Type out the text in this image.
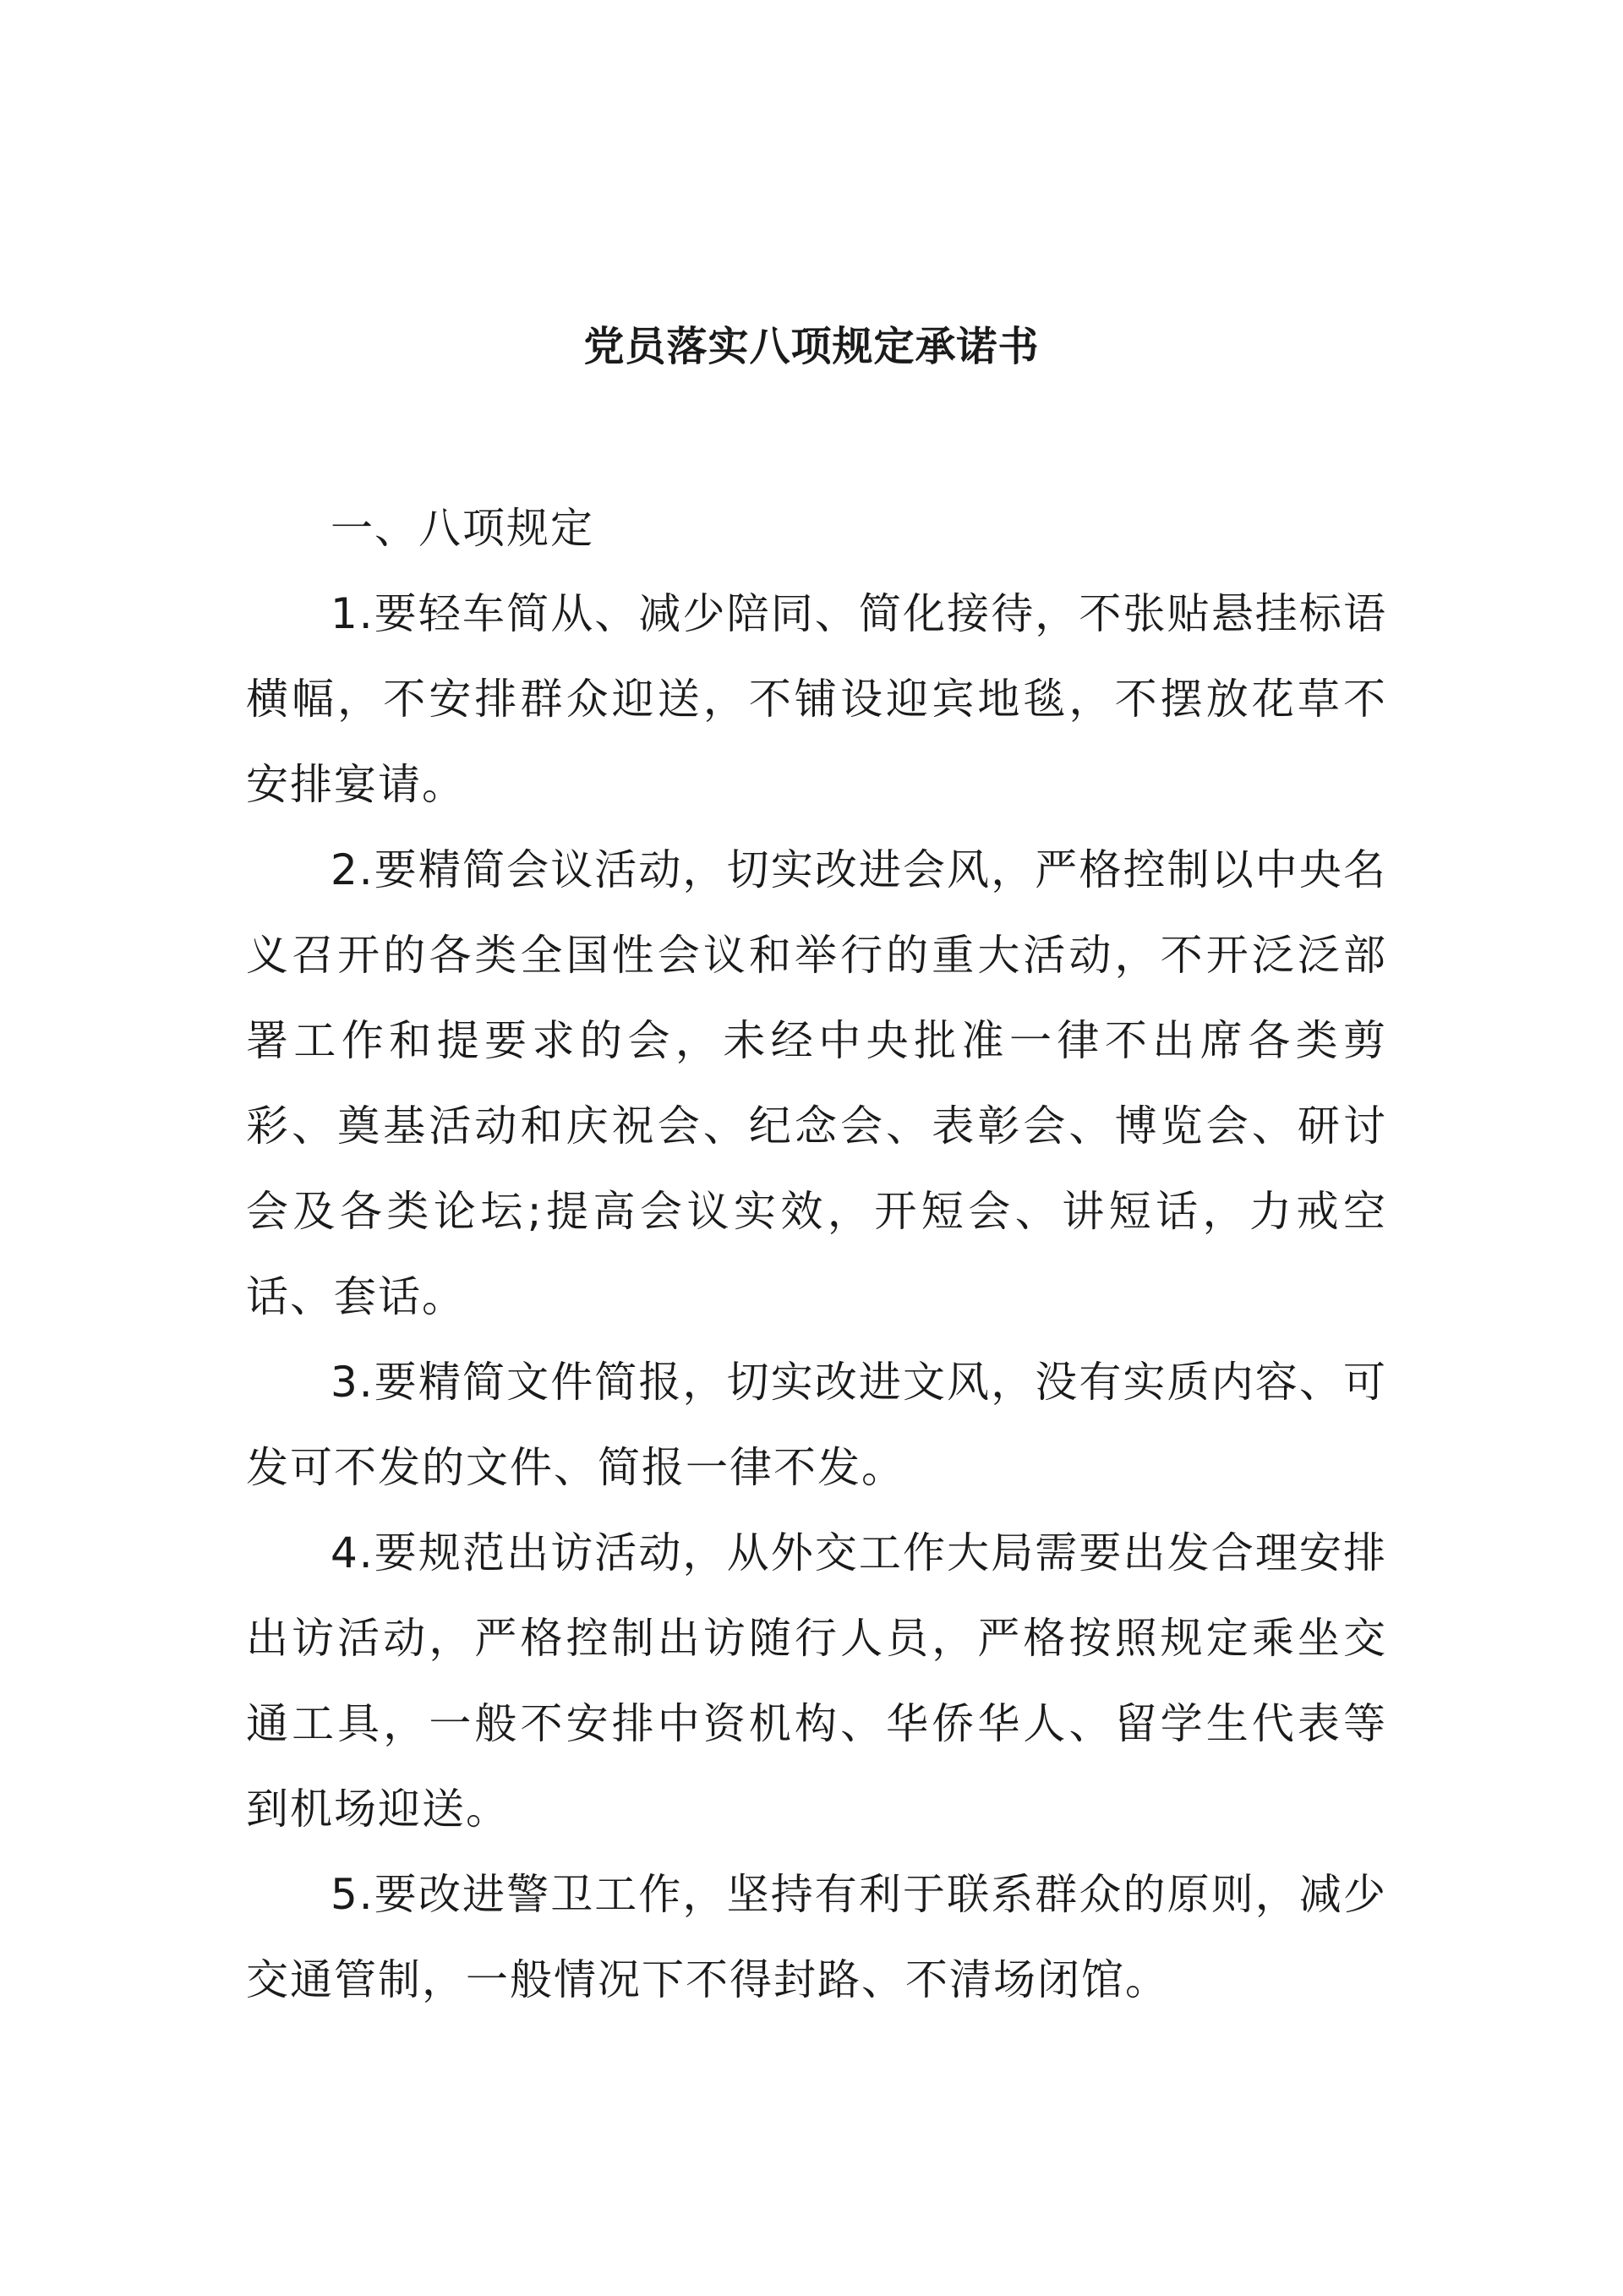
党员落实八项规定承诺书

一、八项规定

1.要轻车简从、减少陪同、简化接待，不张贴悬挂标语横幅，不安排群众迎送，不铺设迎宾地毯，不摆放花草不安排宴请。

2.要精简会议活动，切实改进会风，严格控制以中央名义召开的各类全国性会议和举行的重大活动，不开泛泛部署工作和提要求的会，未经中央批准一律不出席各类剪彩、奠基活动和庆祝会、纪念会、表彰会、博览会、研讨会及各类论坛;提高会议实效，开短会、讲短话，力戒空话、套话。

3.要精简文件简报，切实改进文风，没有实质内容、可发可不发的文件、简报一律不发。

4.要规范出访活动，从外交工作大局需要出发合理安排出访活动，严格控制出访随行人员，严格按照规定乘坐交通工具，一般不安排中资机构、华侨华人、留学生代表等到机场迎送。

5.要改进警卫工作，坚持有利于联系群众的原则，减少交通管制，一般情况下不得封路、不清场闭馆。
